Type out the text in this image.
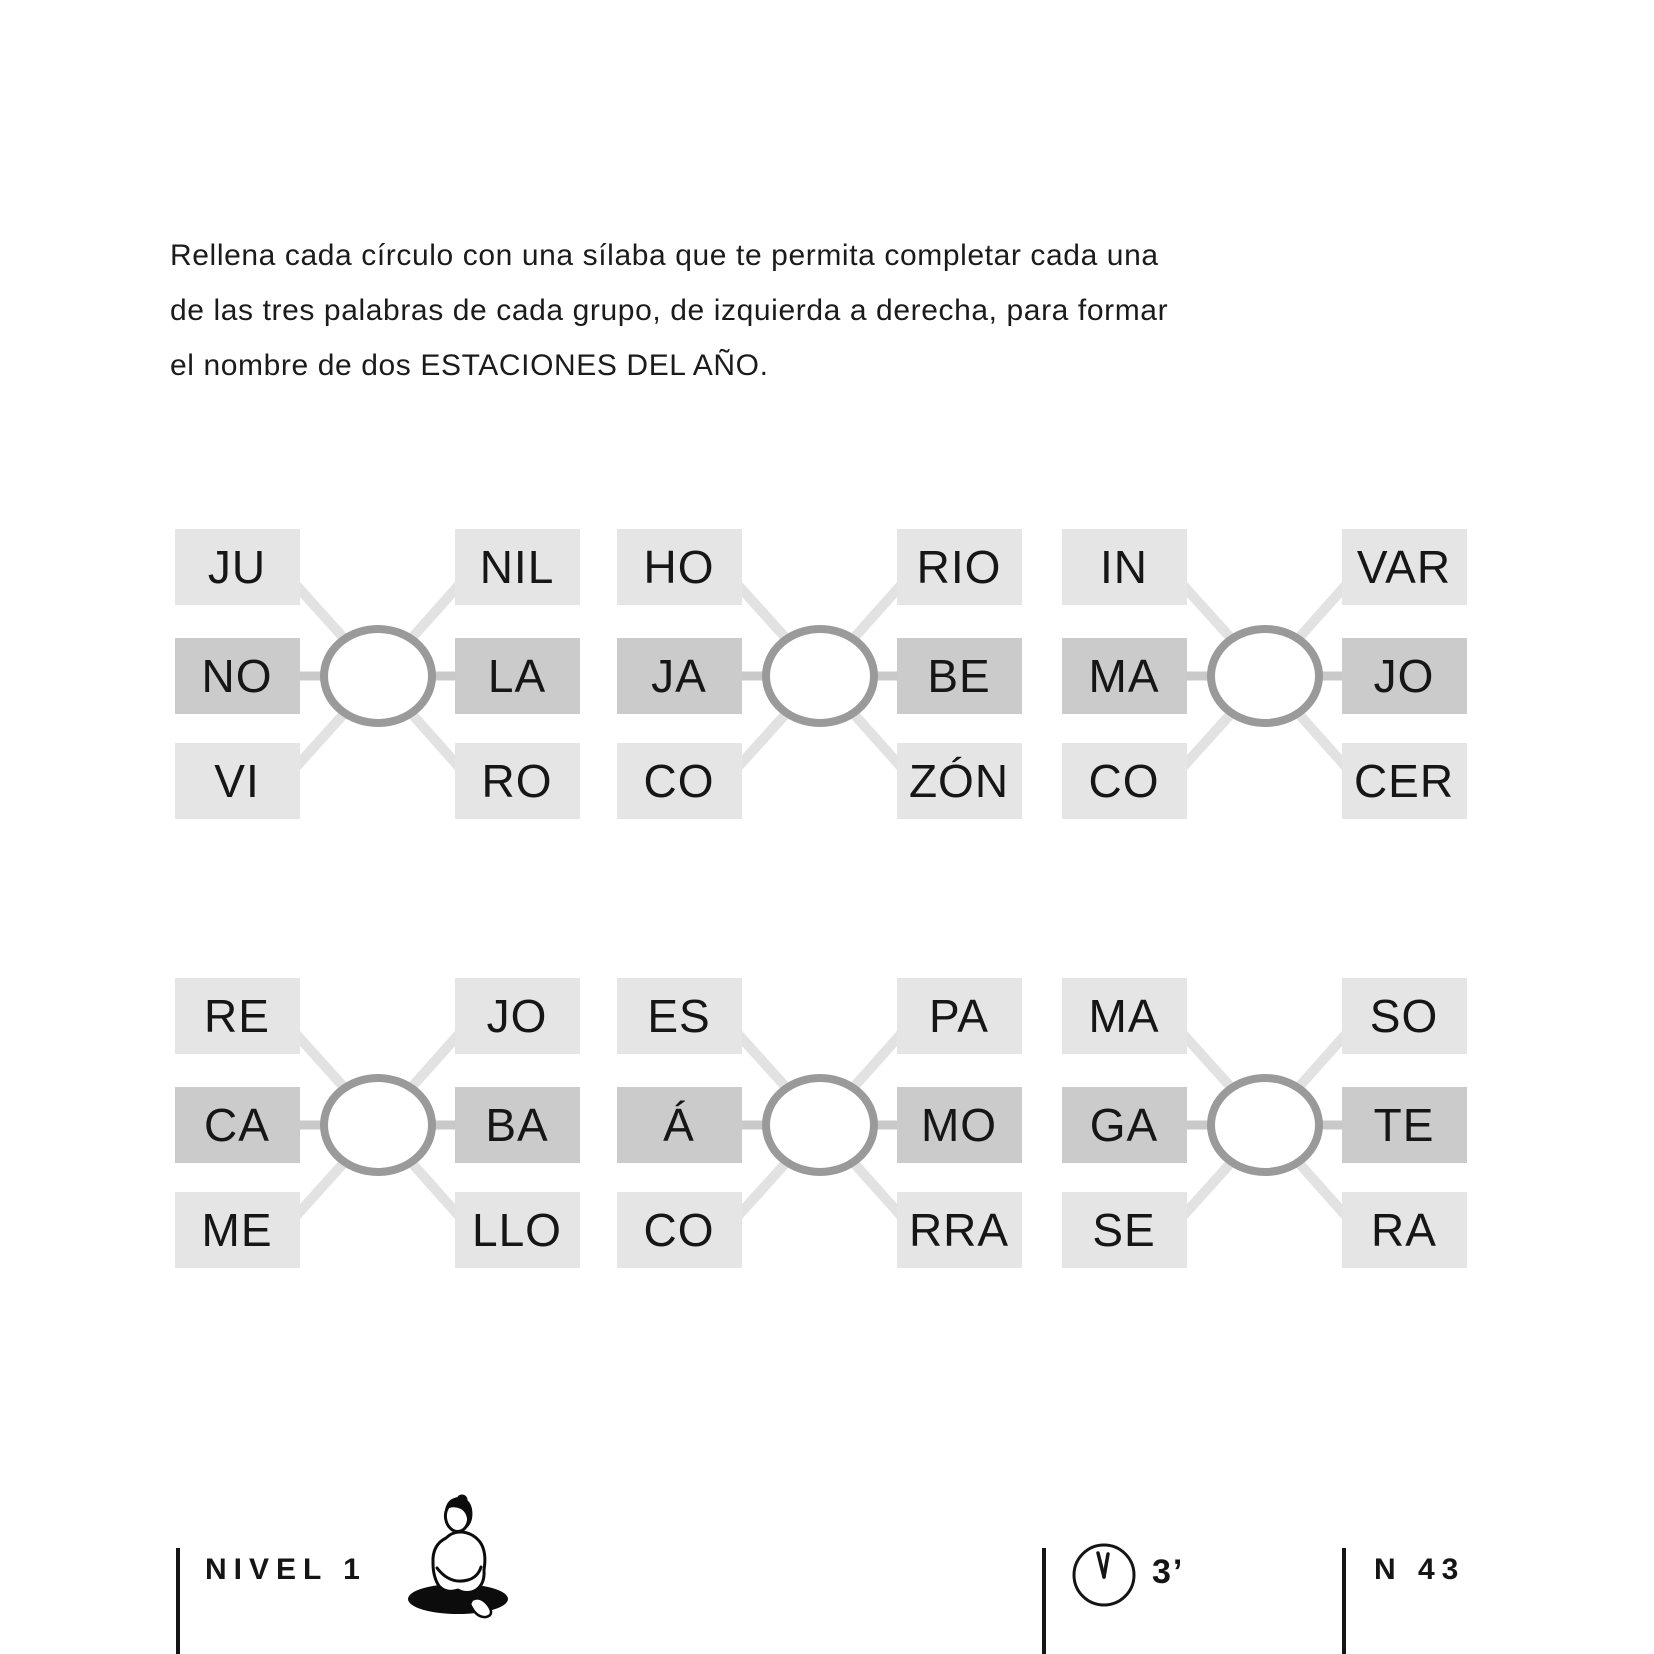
Rellena cada círculo con una sílaba que te permita completar cada una
de las tres palabras de cada grupo, de izquierda a derecha, para formar
el nombre de dos ESTACIONES DEL AÑO.
JU
NO
VI
NIL
LA
RO
HO
JA
CO
RIO
BE
ZÓN
IN
MA
CO
VAR
JO
CER
RE
CA
ME
JO
BA
LLO
ES
Á
CO
PA
MO
RRA
MA
GA
SE
SO
TE
RA
NIVEL 1	3’	N 43
